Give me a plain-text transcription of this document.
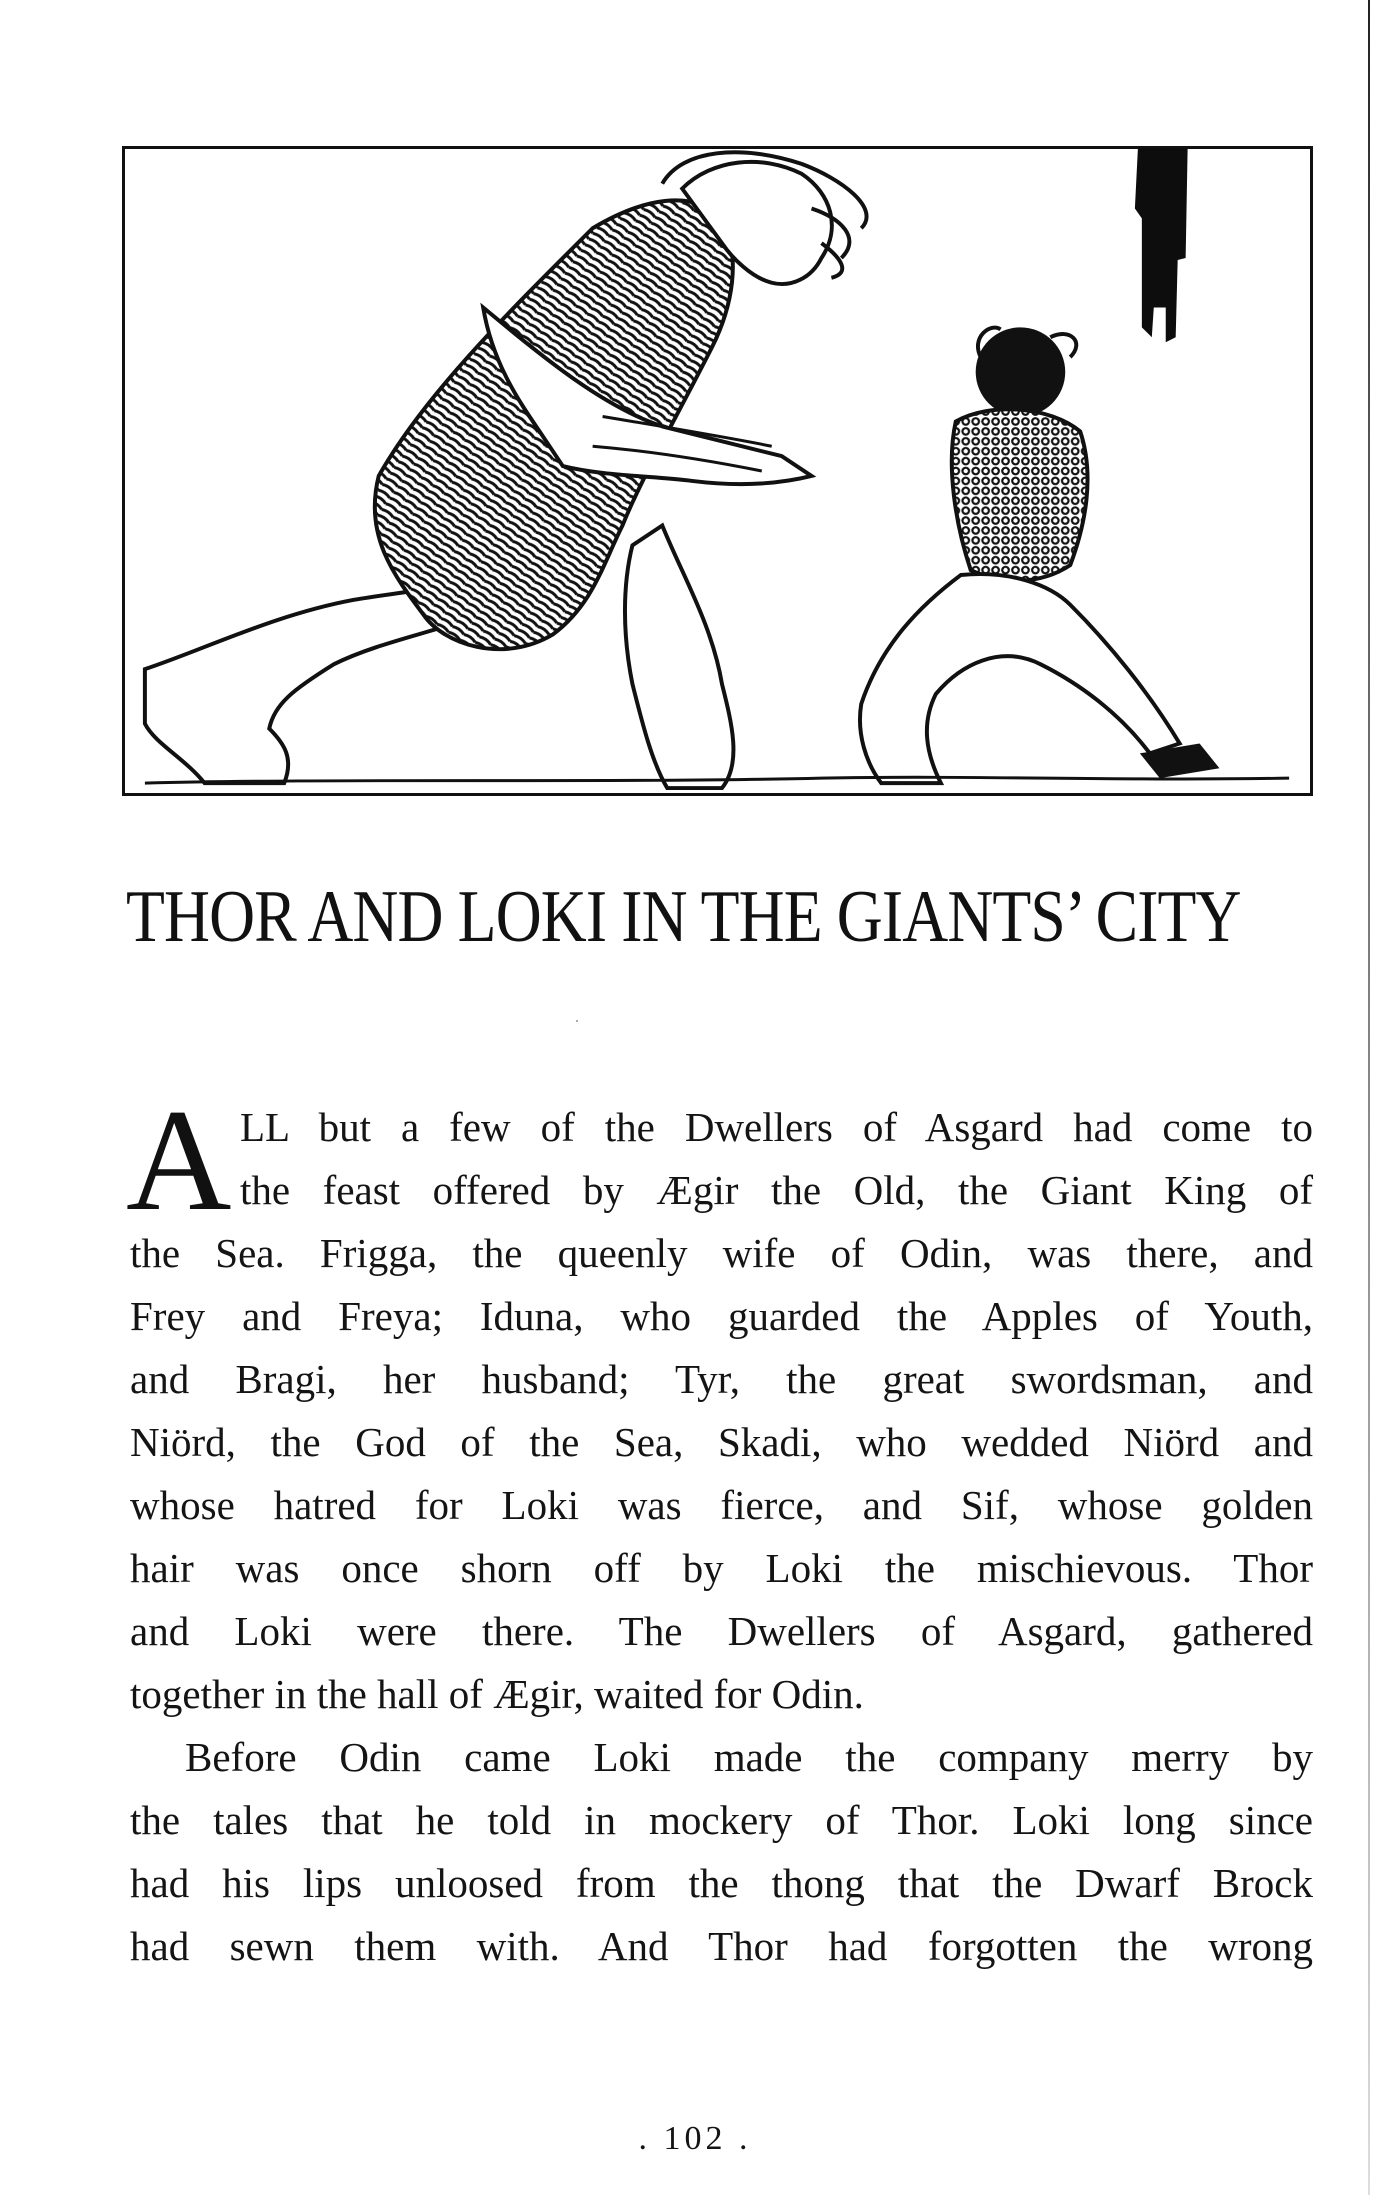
THOR AND LOKI IN THE GIANTS’ CITY
A LL but a few of the Dwellers of Asgard had come to
the feast offered by Ægir the Old, the Giant King of
the Sea. Frigga, the queenly wife of Odin, was there, and
Frey and Freya; Iduna, who guarded the Apples of Youth,
and Bragi, her husband; Tyr, the great swordsman, and
Niörd, the God of the Sea, Skadi, who wedded Niörd and
whose hatred for Loki was fierce, and Sif, whose golden
hair was once shorn off by Loki the mischievous. Thor
and Loki were there. The Dwellers of Asgard, gathered
together in the hall of Ægir, waited for Odin.
Before Odin came Loki made the company merry by
the tales that he told in mockery of Thor. Loki long since
had his lips unloosed from the thong that the Dwarf Brock
had sewn them with. And Thor had forgotten the wrong
. 102 .
